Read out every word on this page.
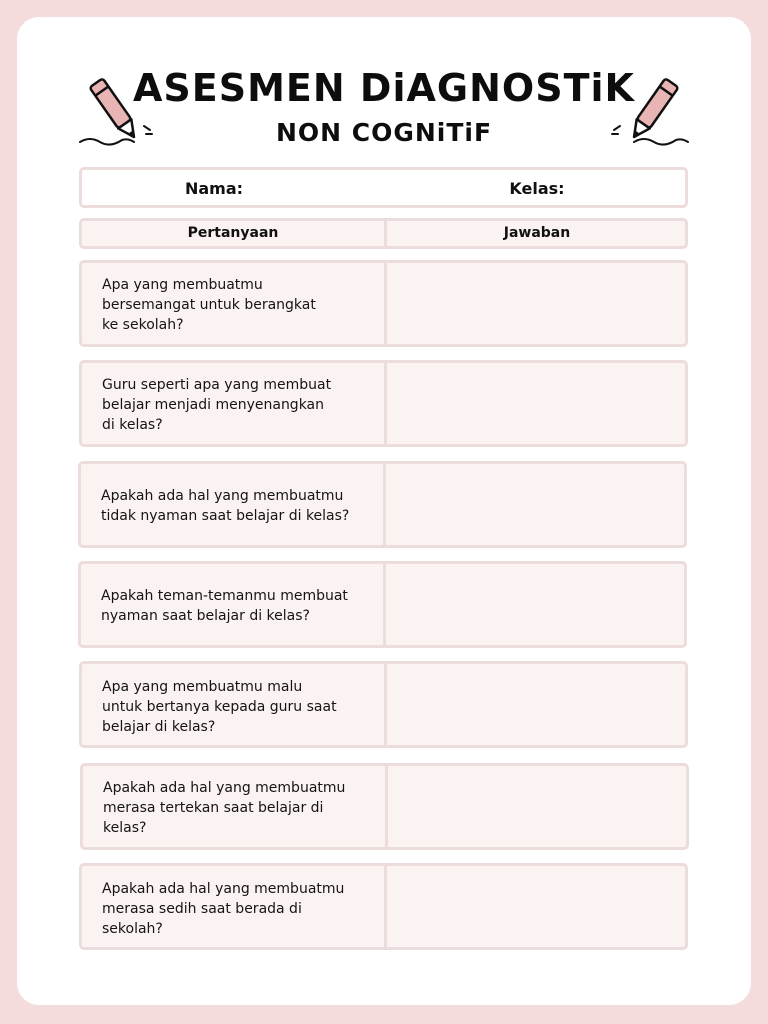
ASESMEN DiAGNOSTiK
NON COGNiTiF
Nama:	Kelas:
Pertanyaan	Jawaban
Apa yang membuatmu
bersemangat untuk berangkat
ke sekolah?
Guru seperti apa yang membuat
belajar menjadi menyenangkan
di kelas?
Apakah ada hal yang membuatmu
tidak nyaman saat belajar di kelas?
Apakah teman-temanmu membuat
nyaman saat belajar di kelas?
Apa yang membuatmu malu
untuk bertanya kepada guru saat
belajar di kelas?
Apakah ada hal yang membuatmu
merasa tertekan saat belajar di
kelas?
Apakah ada hal yang membuatmu
merasa sedih saat berada di
sekolah?
